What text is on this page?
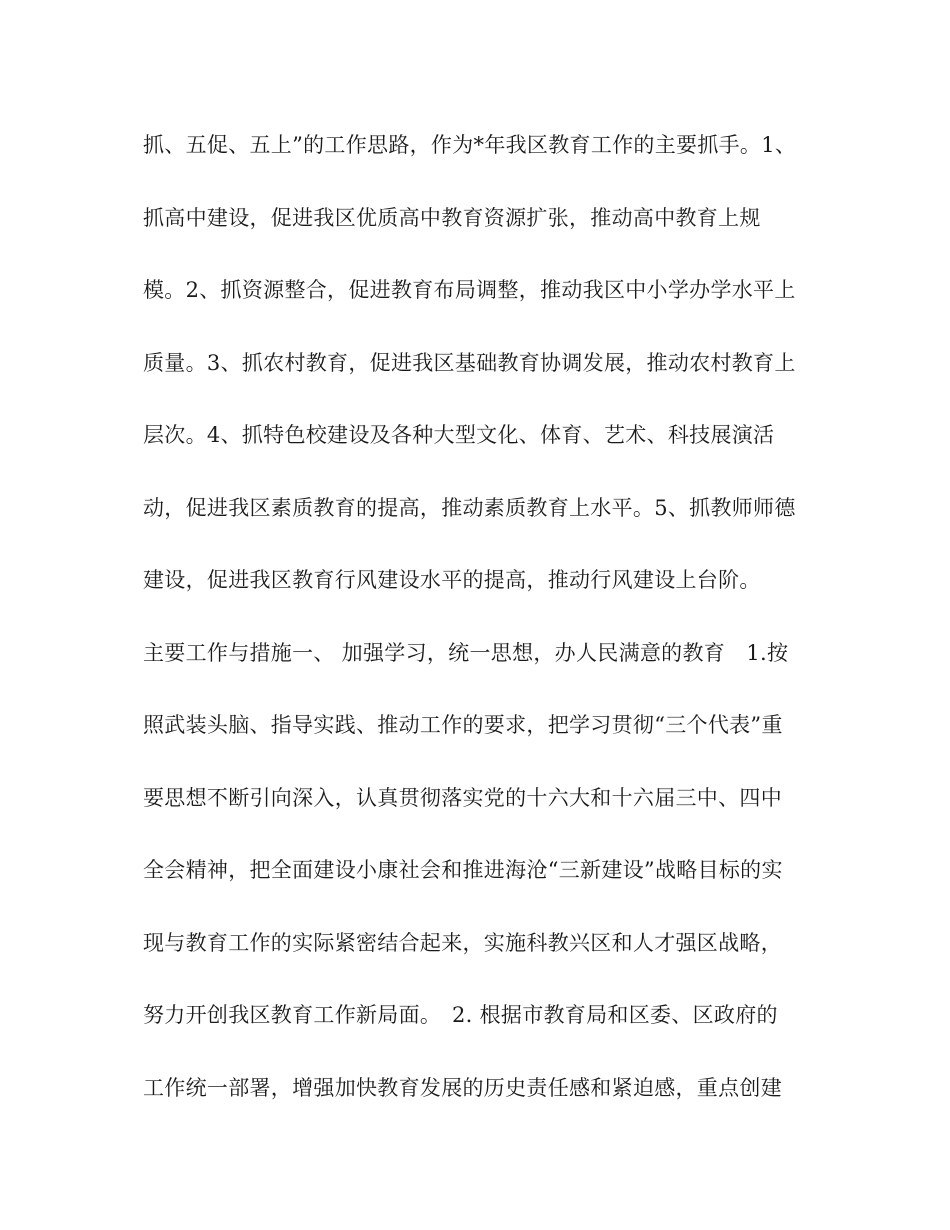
抓、五促、五上”的工作思路，作为*年我区教育工作的主要抓手。1、
抓高中建设，促进我区优质高中教育资源扩张，推动高中教育上规
模。2、抓资源整合，促进教育布局调整，推动我区中小学办学水平上
质量。3、抓农村教育，促进我区基础教育协调发展，推动农村教育上
层次。4、抓特色校建设及各种大型文化、体育、艺术、科技展演活
动，促进我区素质教育的提高，推动素质教育上水平。5、抓教师师德
建设，促进我区教育行风建设水平的提高，推动行风建设上台阶。
主要工作与措施一、 加强学习，统一思想，办人民满意的教育　1.按
照武装头脑、指导实践、推动工作的要求，把学习贯彻“三个代表”重
要思想不断引向深入，认真贯彻落实党的十六大和十六届三中、四中
全会精神，把全面建设小康社会和推进海沧“三新建设”战略目标的实
现与教育工作的实际紧密结合起来，实施科教兴区和人才强区战略，
努力开创我区教育工作新局面。　2. 根据市教育局和区委、区政府的
工作统一部署，增强加快教育发展的历史责任感和紧迫感，重点创建
